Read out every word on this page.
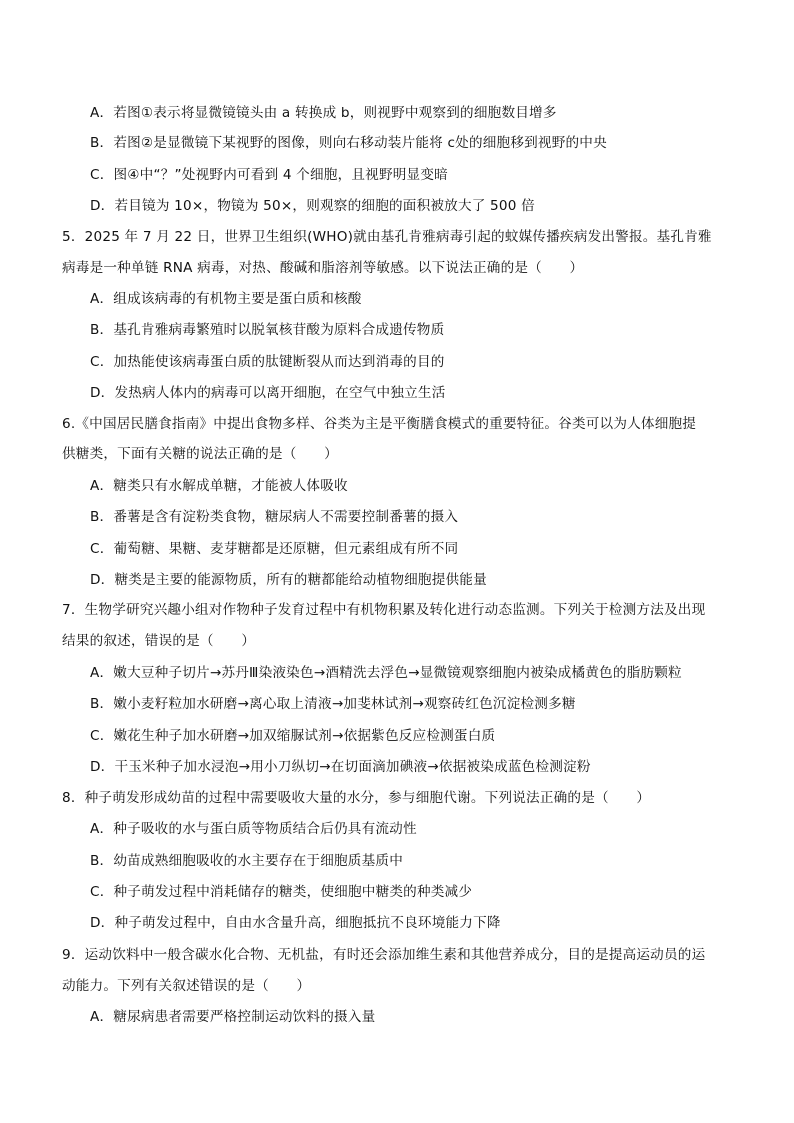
A．若图①表示将显微镜镜头由 a 转换成 b，则视野中观察到的细胞数目增多
B．若图②是显微镜下某视野的图像，则向右移动装片能将 c处的细胞移到视野的中央
C．图④中“？”处视野内可看到 4 个细胞，且视野明显变暗
D．若目镜为 10×，物镜为 50×，则观察的细胞的面积被放大了 500 倍
5．2025 年 7 月 22 日，世界卫生组织(WHO)就由基孔肯雅病毒引起的蚊媒传播疾病发出警报。基孔肯雅
病毒是一种单链 RNA 病毒，对热、酸碱和脂溶剂等敏感。以下说法正确的是（　　）
A．组成该病毒的有机物主要是蛋白质和核酸
B．基孔肯雅病毒繁殖时以脱氧核苷酸为原料合成遗传物质
C．加热能使该病毒蛋白质的肽键断裂从而达到消毒的目的
D．发热病人体内的病毒可以离开细胞，在空气中独立生活
6.《中国居民膳食指南》中提出食物多样、谷类为主是平衡膳食模式的重要特征。谷类可以为人体细胞提
供糖类，下面有关糖的说法正确的是（　　）
A．糖类只有水解成单糖，才能被人体吸收
B．番薯是含有淀粉类食物，糖尿病人不需要控制番薯的摄入
C．葡萄糖、果糖、麦芽糖都是还原糖，但元素组成有所不同
D．糖类是主要的能源物质，所有的糖都能给动植物细胞提供能量
7．生物学研究兴趣小组对作物种子发育过程中有机物积累及转化进行动态监测。下列关于检测方法及出现
结果的叙述，错误的是（　　）
A．嫩大豆种子切片→苏丹Ⅲ染液染色→酒精洗去浮色→显微镜观察细胞内被染成橘黄色的脂肪颗粒
B．嫩小麦籽粒加水研磨→离心取上清液→加斐林试剂→观察砖红色沉淀检测多糖
C．嫩花生种子加水研磨→加双缩脲试剂→依据紫色反应检测蛋白质
D．干玉米种子加水浸泡→用小刀纵切→在切面滴加碘液→依据被染成蓝色检测淀粉
8．种子萌发形成幼苗的过程中需要吸收大量的水分，参与细胞代谢。下列说法正确的是（　　）
A．种子吸收的水与蛋白质等物质结合后仍具有流动性
B．幼苗成熟细胞吸收的水主要存在于细胞质基质中
C．种子萌发过程中消耗储存的糖类，使细胞中糖类的种类减少
D．种子萌发过程中，自由水含量升高，细胞抵抗不良环境能力下降
9．运动饮料中一般含碳水化合物、无机盐，有时还会添加维生素和其他营养成分，目的是提高运动员的运
动能力。下列有关叙述错误的是（　　）
A．糖尿病患者需要严格控制运动饮料的摄入量
